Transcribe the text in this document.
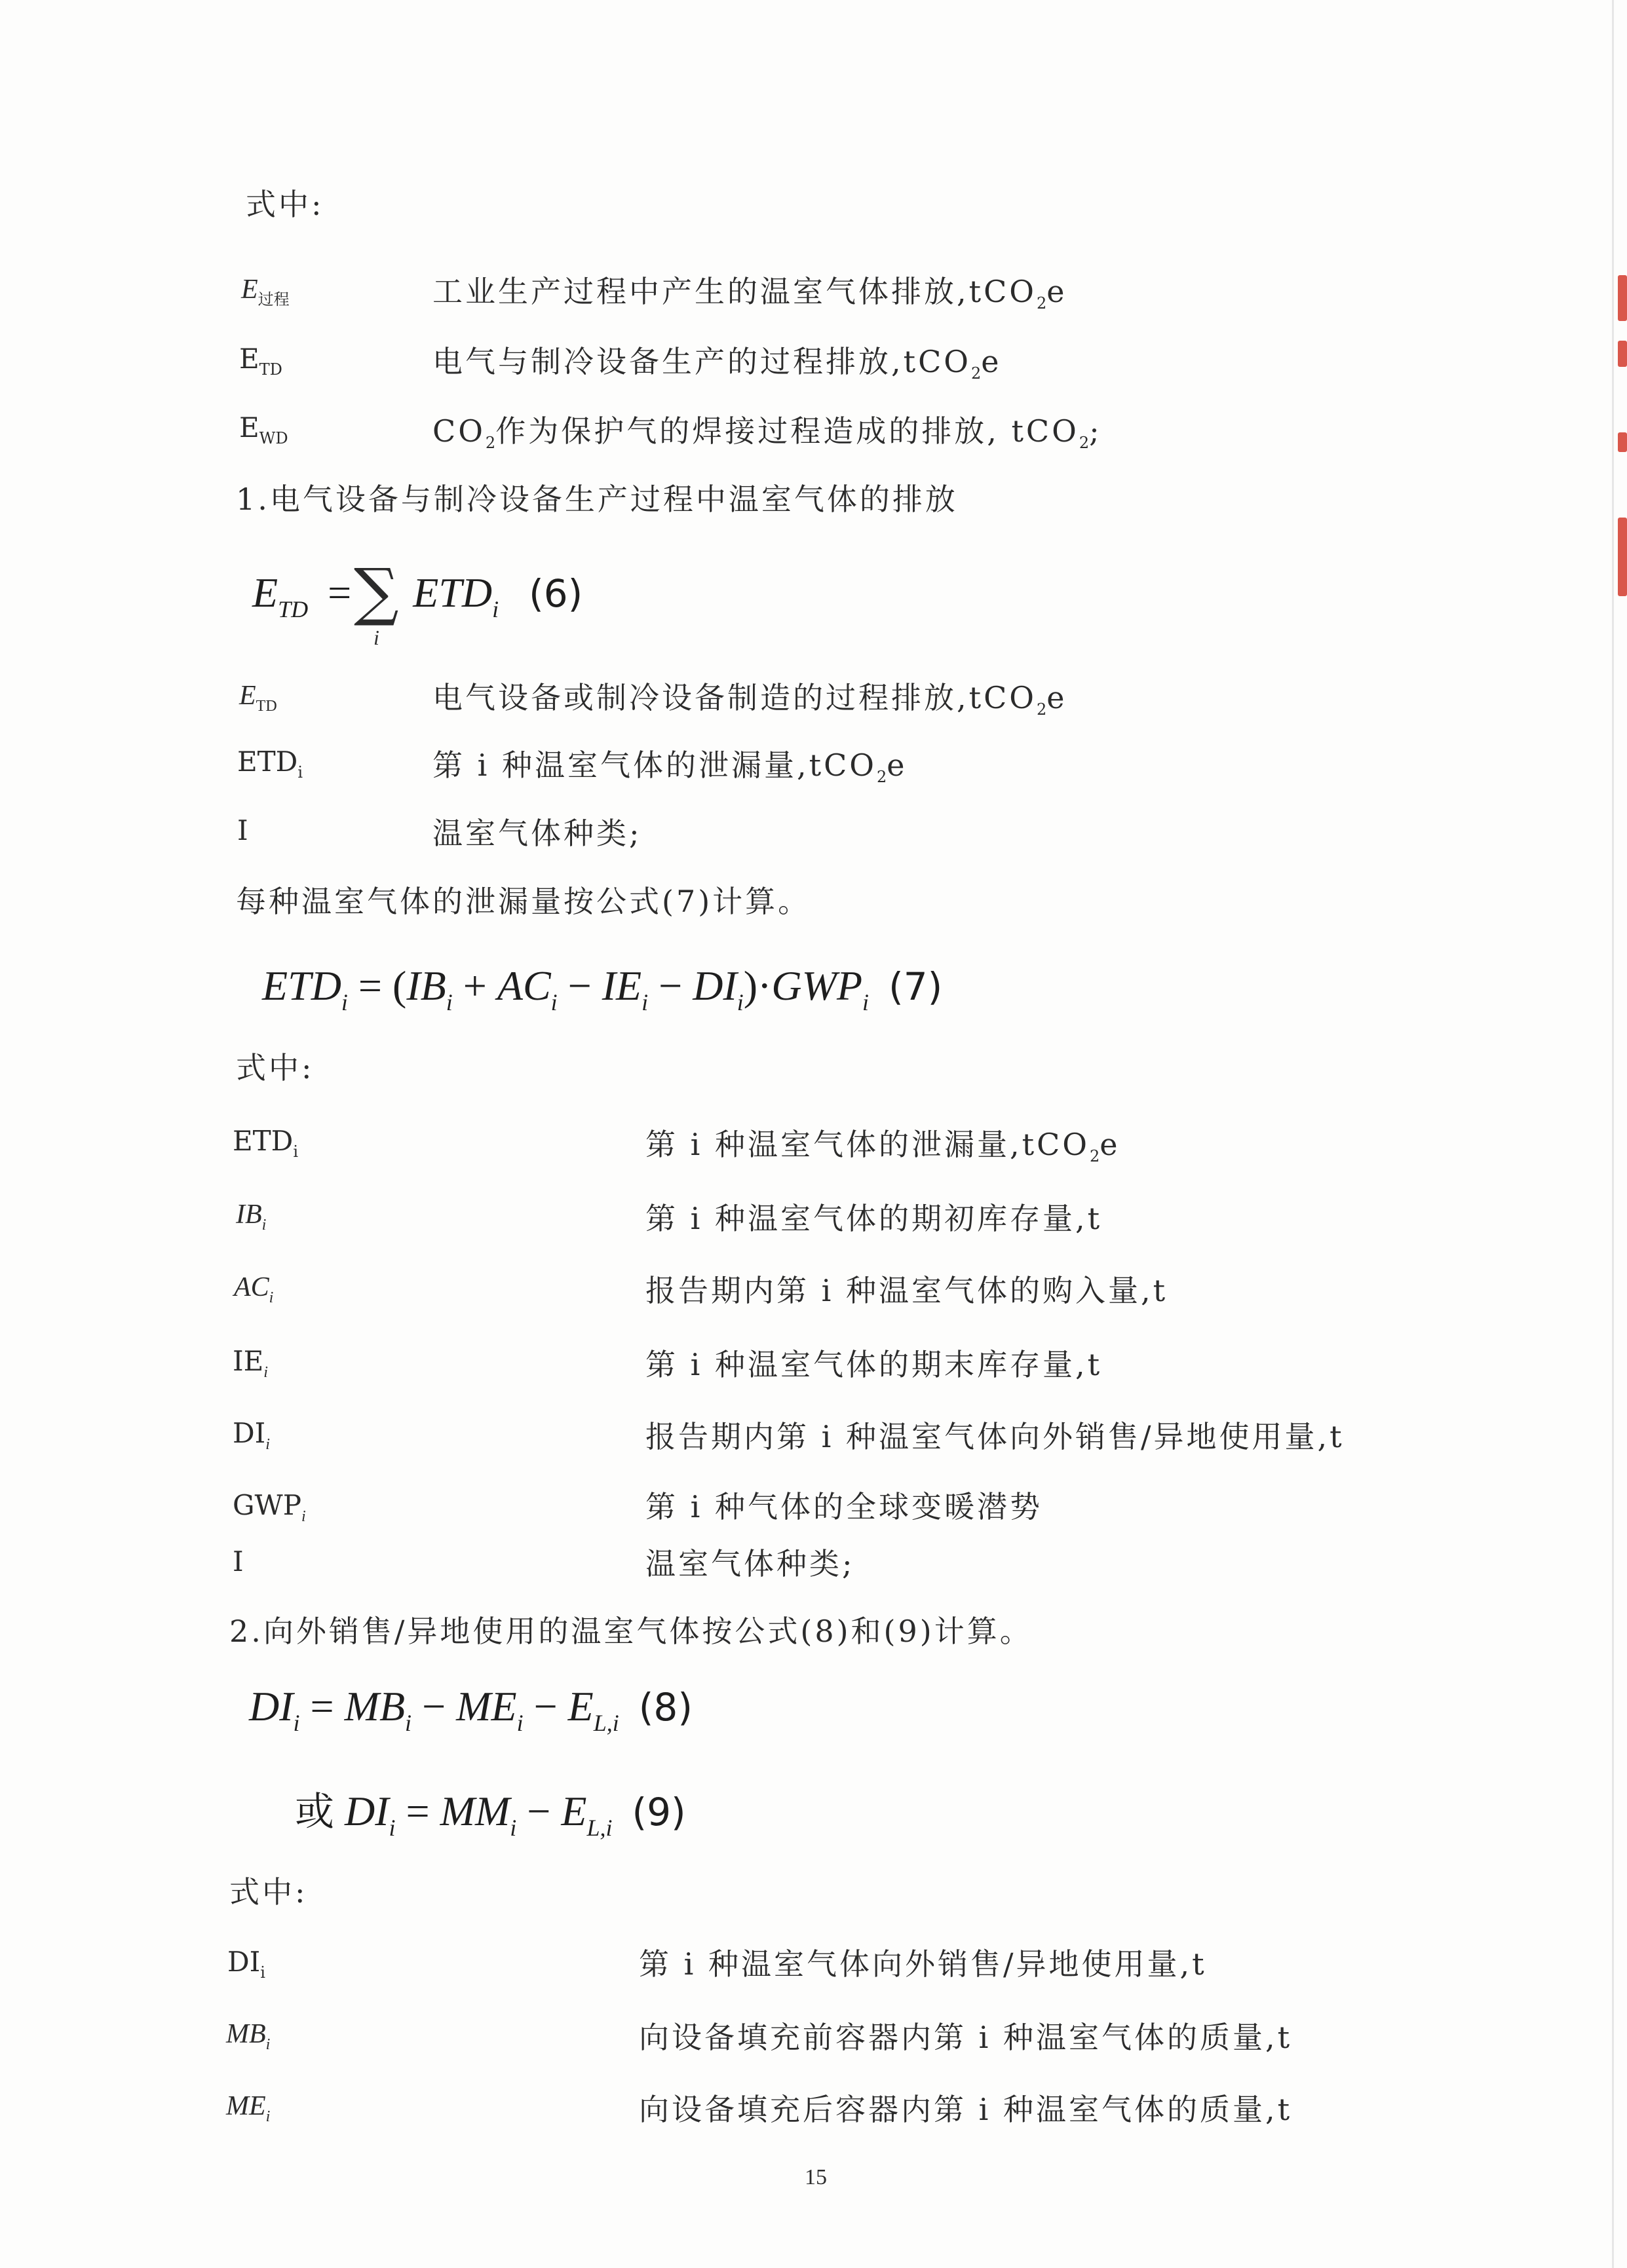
式中:
$E_{过程}$	工业生产过程中产生的温室气体排放,tCO$_2$e
$E_{TD}$	电气与制冷设备生产的过程排放,tCO$_2$e
$E_{WD}$	$CO_2$作为保护气的焊接过程造成的排放, tCO$_2$;
1.电气设备与制冷设备生产过程中温室气体的排放
$E_{TD} = ETD_i$ (6)
∑
i
$E_{TD}$	电气设备或制冷设备制造的过程排放,tCO$_2$e
$ETD_i$	第 i 种温室气体的泄漏量,tCO$_2$e
I	温室气体种类;
每种温室气体的泄漏量按公式(7)计算。
$ETD_i = (IB_i + AC_i - IE_i - DI_i)\cdot GWP_i$ (7)
式中:
$ETD_i$	第 i 种温室气体的泄漏量,tCO$_2$e
$IB_i$	第 i 种温室气体的期初库存量,t
$AC_i$	报告期内第 i 种温室气体的购入量,t
$IE_i$	第 i 种温室气体的期末库存量,t
$DI_i$	报告期内第 i 种温室气体向外销售/异地使用量,t
$GWP_i$	第 i 种气体的全球变暖潜势
I	温室气体种类;
2.向外销售/异地使用的温室气体按公式(8)和(9)计算。
$DI_i = MB_i - ME_i - E_{L,i}$ (8)
或 $DI_i = MM_i - E_{L,i}$ (9)
式中:
$DI_i$	第 i 种温室气体向外销售/异地使用量,t
$MB_i$	向设备填充前容器内第 i 种温室气体的质量,t
$ME_i$	向设备填充后容器内第 i 种温室气体的质量,t
15
